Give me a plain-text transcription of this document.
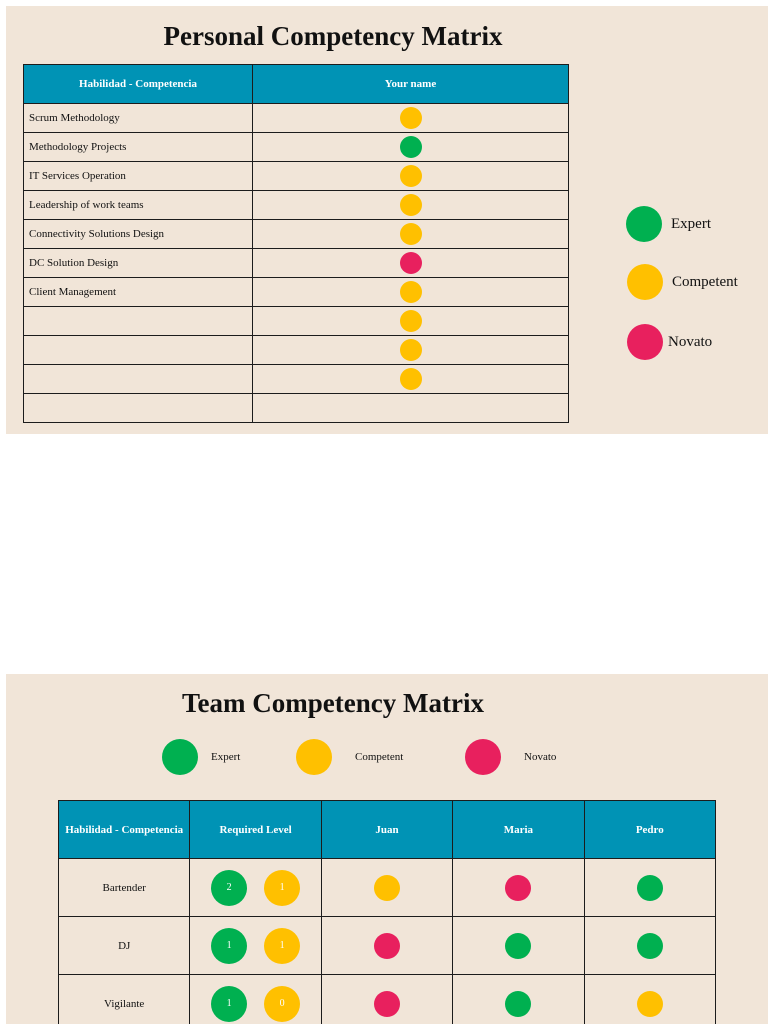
Personal Competency Matrix
Habilidad - Competencia	Your name
Scrum Methodology	
Methodology Projects	
IT Services Operation	
Leadership of work teams	
Connectivity Solutions Design	
DC Solution Design	
Client Management	

Expert
Competent
Novato
Team Competency Matrix
Expert	Competent	Novato
Habilidad - Competencia	Required Level	Juan	Maria	Pedro
Bartender	2 1			

DJ	1 1			

Vigilante	1 0			
